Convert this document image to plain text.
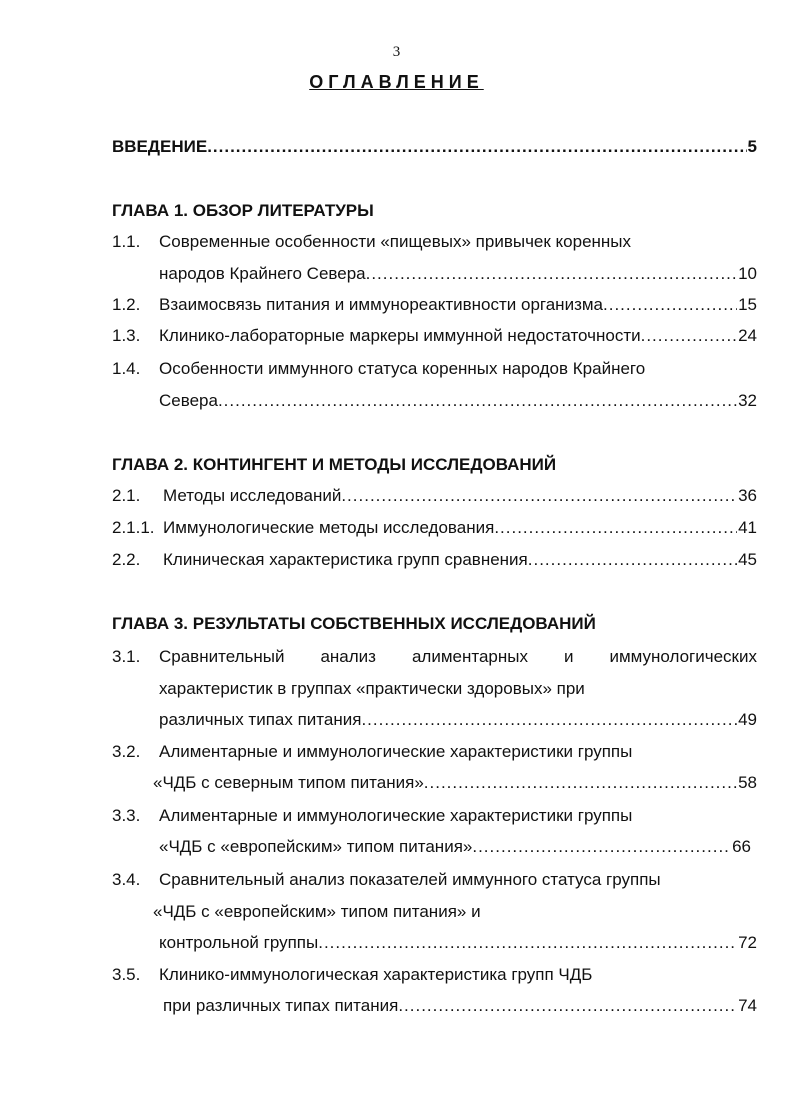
3
ОГЛАВЛЕНИЕ
ВВЕДЕНИЕ .....	5
ГЛАВА 1. ОБЗОР ЛИТЕРАТУРЫ
1.1. Современные особенности «пищевых» привычек коренных
народов Крайнего Севера .....	10
1.2. Взаимосвязь питания и иммунореактивности организма .....	15
1.3. Клинико-лабораторные маркеры иммунной недостаточности .....	24
1.4. Особенности иммунного статуса коренных народов Крайнего
Севера .....	32
ГЛАВА 2. КОНТИНГЕНТ И МЕТОДЫ ИССЛЕДОВАНИЙ
2.1. Методы исследований .....	36
2.1.1. Иммунологические методы исследования .....	41
2.2. Клиническая характеристика групп сравнения .....	45
ГЛАВА 3. РЕЗУЛЬТАТЫ СОБСТВЕННЫХ ИССЛЕДОВАНИЙ
3.1. Сравнительный анализ алиментарных и иммунологических
характеристик в группах «практически здоровых» при
различных типах питания .....	49
3.2. Алиментарные и иммунологические характеристики группы
«ЧДБ с северным типом питания» .....	58
3.3. Алиментарные и иммунологические характеристики группы
«ЧДБ с «европейским» типом питания» .....	66
3.4. Сравнительный анализ показателей иммунного статуса группы
«ЧДБ с «европейским» типом питания» и
контрольной группы .....	72
3.5. Клинико-иммунологическая характеристика групп ЧДБ
при различных типах питания .....	74
